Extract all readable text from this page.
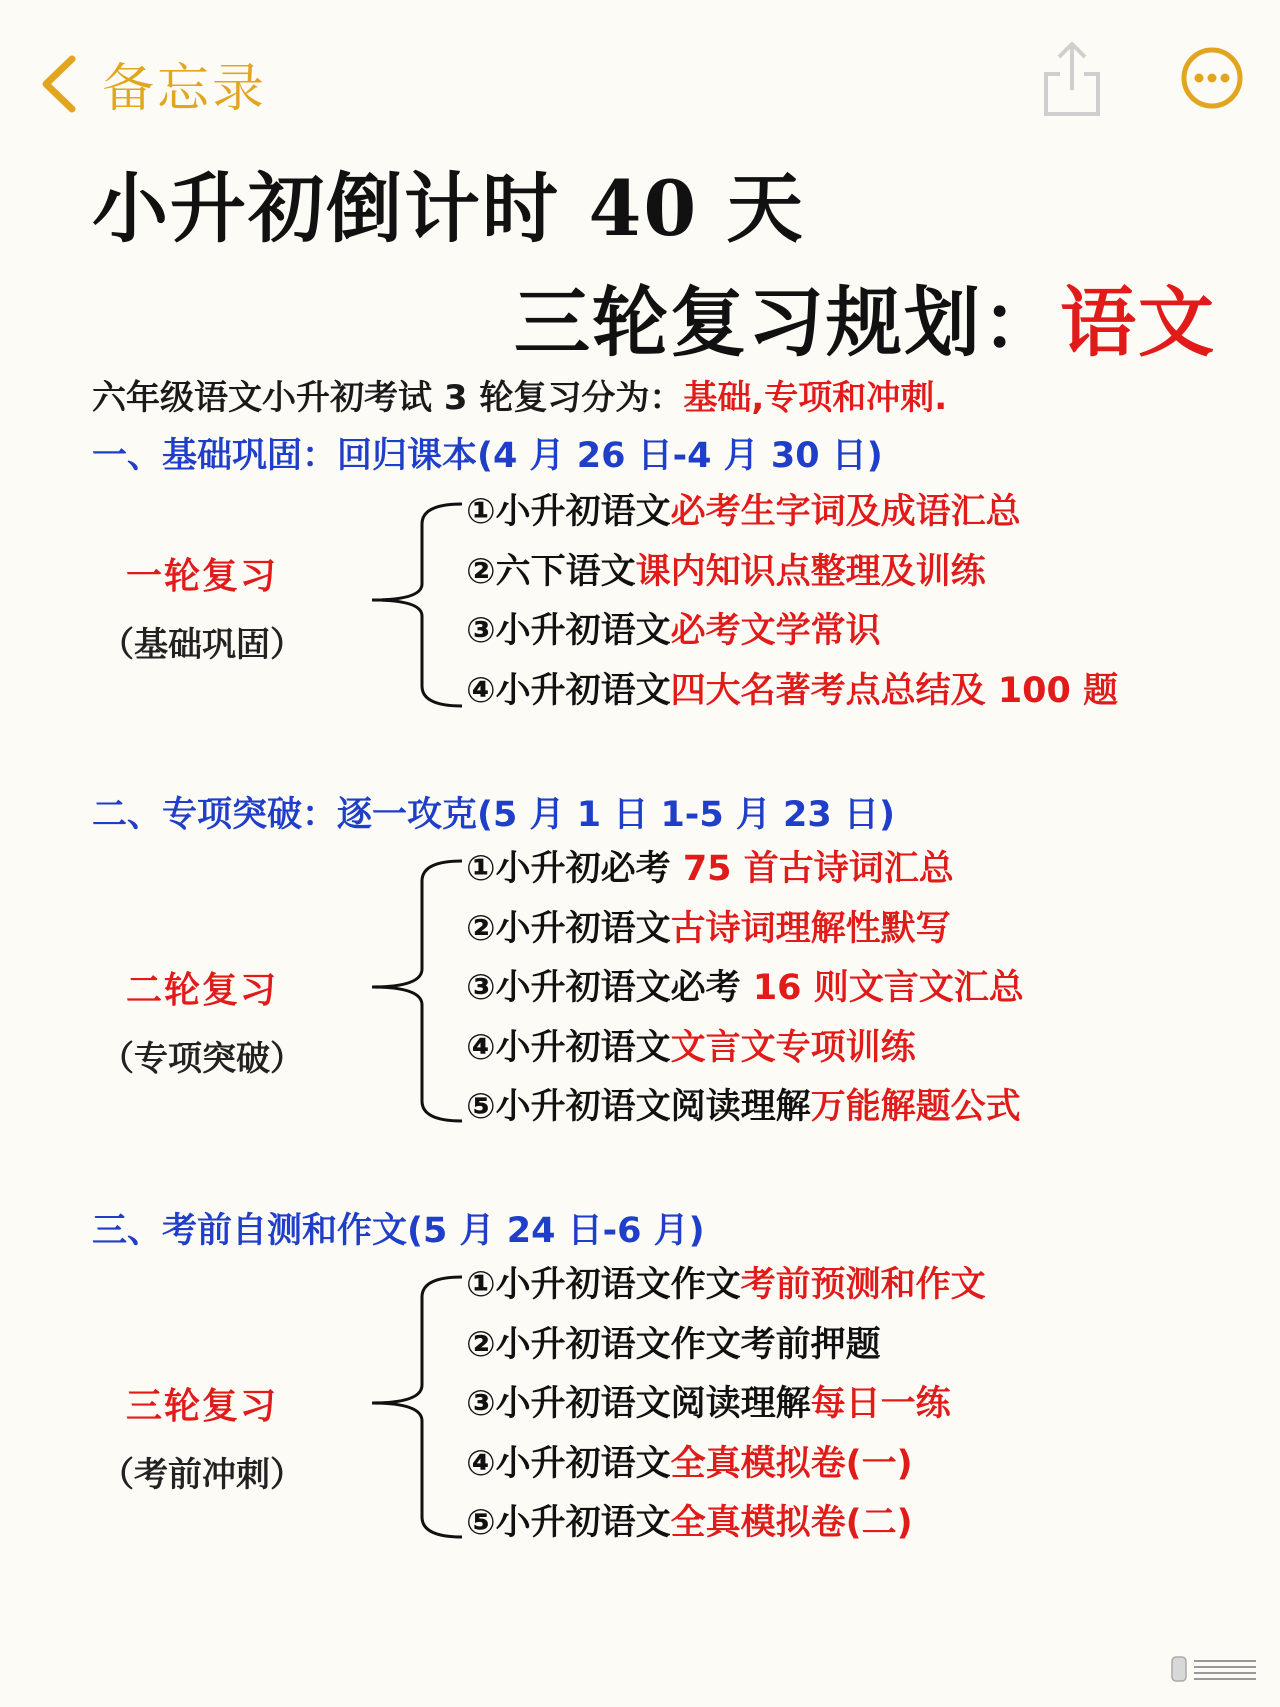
备忘录
小升初倒计时 40 天
三轮复习规划：语文
六年级语文小升初考试 3 轮复习分为：基础,专项和冲刺.
一、基础巩固：回归课本(4 月 26 日-4 月 30 日)
一轮复习
（基础巩固）
①小升初语文必考生字词及成语汇总
②六下语文课内知识点整理及训练
③小升初语文必考文学常识
④小升初语文四大名著考点总结及 100 题
二、专项突破：逐一攻克(5 月 1 日 1-5 月 23 日)
二轮复习
（专项突破）
①小升初必考 75 首古诗词汇总
②小升初语文古诗词理解性默写
③小升初语文必考 16 则文言文汇总
④小升初语文文言文专项训练
⑤小升初语文阅读理解万能解题公式
三、考前自测和作文(5 月 24 日-6 月)
三轮复习
（考前冲刺）
①小升初语文作文考前预测和作文
②小升初语文作文考前押题
③小升初语文阅读理解每日一练
④小升初语文全真模拟卷(一)
⑤小升初语文全真模拟卷(二)
